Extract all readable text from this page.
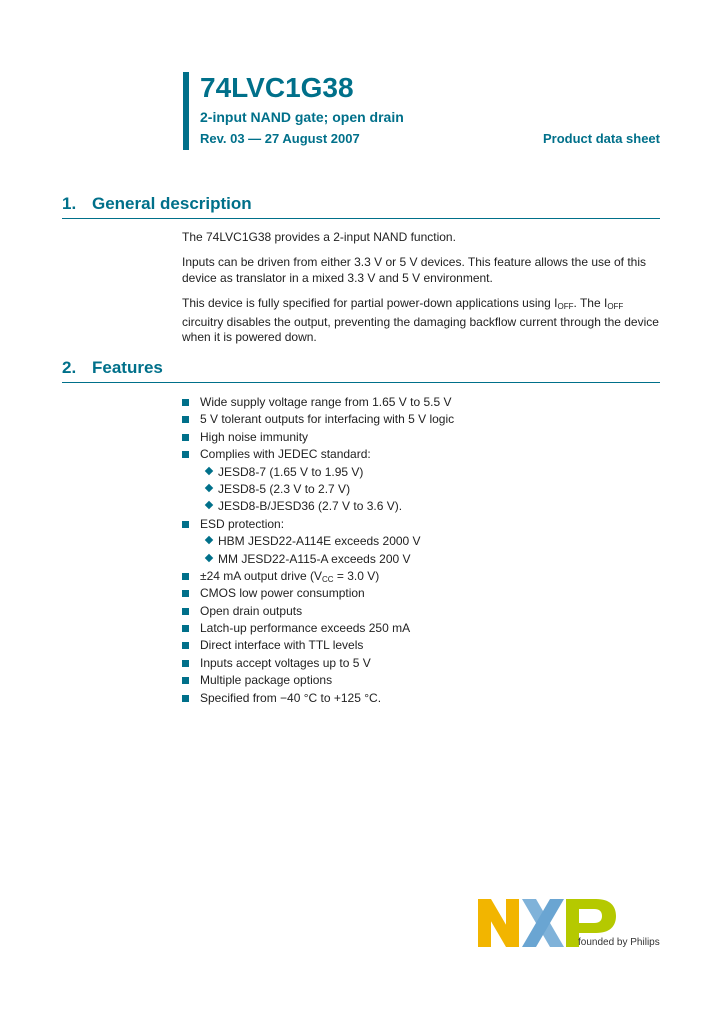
74LVC1G38
2-input NAND gate; open drain
Rev. 03 — 27 August 2007	Product data sheet
1. General description

The 74LVC1G38 provides a 2-input NAND function.

Inputs can be driven from either 3.3 V or 5 V devices. This feature allows the use of this device as translator in a mixed 3.3 V and 5 V environment.

This device is fully specified for partial power-down applications using $I_{OFF}$. The $I_{OFF}$ circuitry disables the output, preventing the damaging backflow current through the device when it is powered down.

2. Features
Wide supply voltage range from 1.65 V to 5.5 V
5 V tolerant outputs for interfacing with 5 V logic
High noise immunity
Complies with JEDEC standard:
JESD8-7 (1.65 V to 1.95 V)
JESD8-5 (2.3 V to 2.7 V)
JESD8-B/JESD36 (2.7 V to 3.6 V).
ESD protection:
HBM JESD22-A114E exceeds 2000 V
MM JESD22-A115-A exceeds 200 V
±24 mA output drive ($V_{CC} = 3.0$ V)
CMOS low power consumption
Open drain outputs
Latch-up performance exceeds 250 mA
Direct interface with TTL levels
Inputs accept voltages up to 5 V
Multiple package options
Specified from −40 °C to +125 °C.
founded by Philips
